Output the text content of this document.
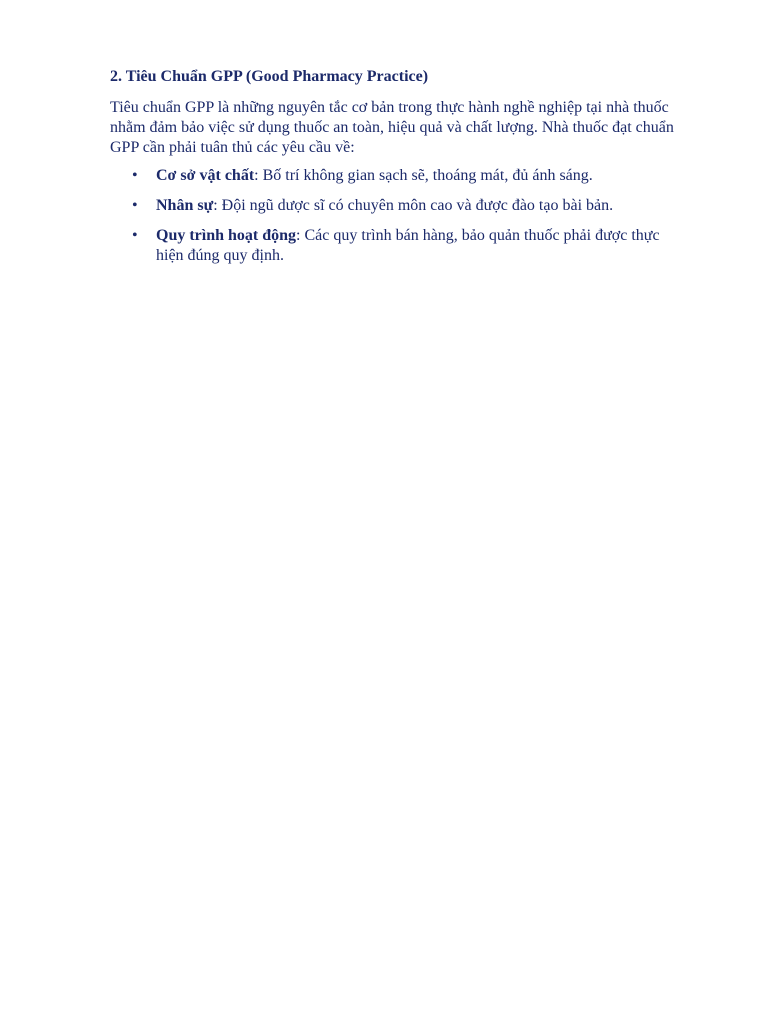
2. Tiêu Chuẩn GPP (Good Pharmacy Practice)

Tiêu chuẩn GPP là những nguyên tắc cơ bản trong thực hành nghề nghiệp tại nhà thuốc nhằm đảm bảo việc sử dụng thuốc an toàn, hiệu quả và chất lượng. Nhà thuốc đạt chuẩn GPP cần phải tuân thủ các yêu cầu về:

• Cơ sở vật chất: Bố trí không gian sạch sẽ, thoáng mát, đủ ánh sáng.
• Nhân sự: Đội ngũ dược sĩ có chuyên môn cao và được đào tạo bài bản.
• Quy trình hoạt động: Các quy trình bán hàng, bảo quản thuốc phải được thực hiện đúng quy định.
